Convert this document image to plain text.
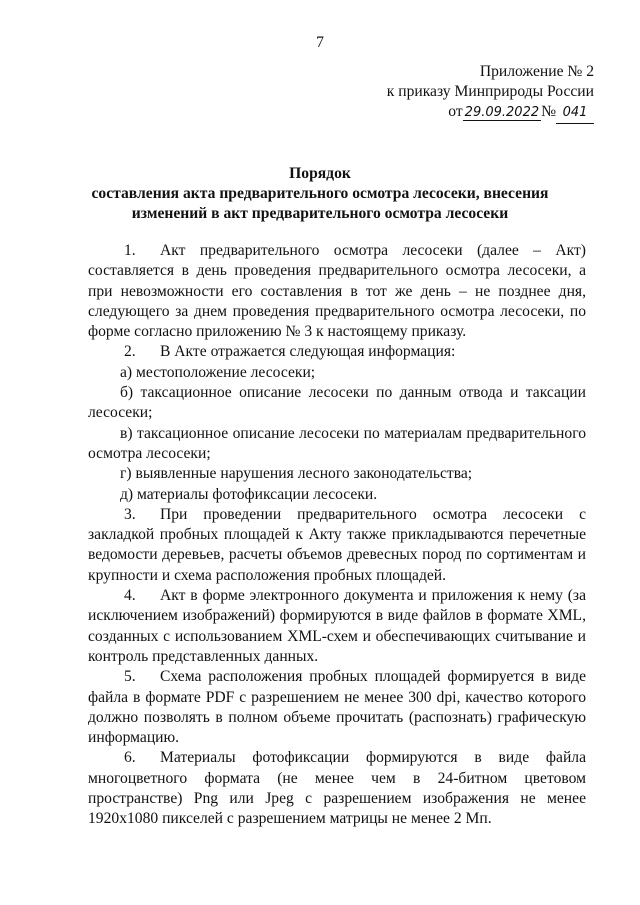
7
Приложение № 2
к приказу Минприроды России
от 29.09.2022 № 041
Порядок
составления акта предварительного осмотра лесосеки, внесения
изменений в акт предварительного осмотра лесосеки

1. Акт предварительного осмотра лесосеки (далее – Акт) составляется в день проведения предварительного осмотра лесосеки, а при невозможности его составления в тот же день – не позднее дня, следующего за днем проведения предварительного осмотра лесосеки, по форме согласно приложению № 3 к настоящему приказу.

2. В Акте отражается следующая информация:

а) местоположение лесосеки;

б) таксационное описание лесосеки по данным отвода и таксации лесосеки;

в) таксационное описание лесосеки по материалам предварительного осмотра лесосеки;

г) выявленные нарушения лесного законодательства;

д) материалы фотофиксации лесосеки.

3. При проведении предварительного осмотра лесосеки с закладкой пробных площадей к Акту также прикладываются перечетные ведомости деревьев, расчеты объемов древесных пород по сортиментам и крупности и схема расположения пробных площадей.

4. Акт в форме электронного документа и приложения к нему (за исключением изображений) формируются в виде файлов в формате XML, созданных с использованием XML-схем и обеспечивающих считывание и контроль представленных данных.

5. Схема расположения пробных площадей формируется в виде файла в формате PDF с разрешением не менее 300 dpi, качество которого должно позволять в полном объеме прочитать (распознать) графическую информацию.

6. Материалы фотофиксации формируются в виде файла многоцветного формата (не менее чем в 24-битном цветовом пространстве) Png или Jpeg с разрешением изображения не менее 1920x1080 пикселей с разрешением матрицы не менее 2 Мп.
